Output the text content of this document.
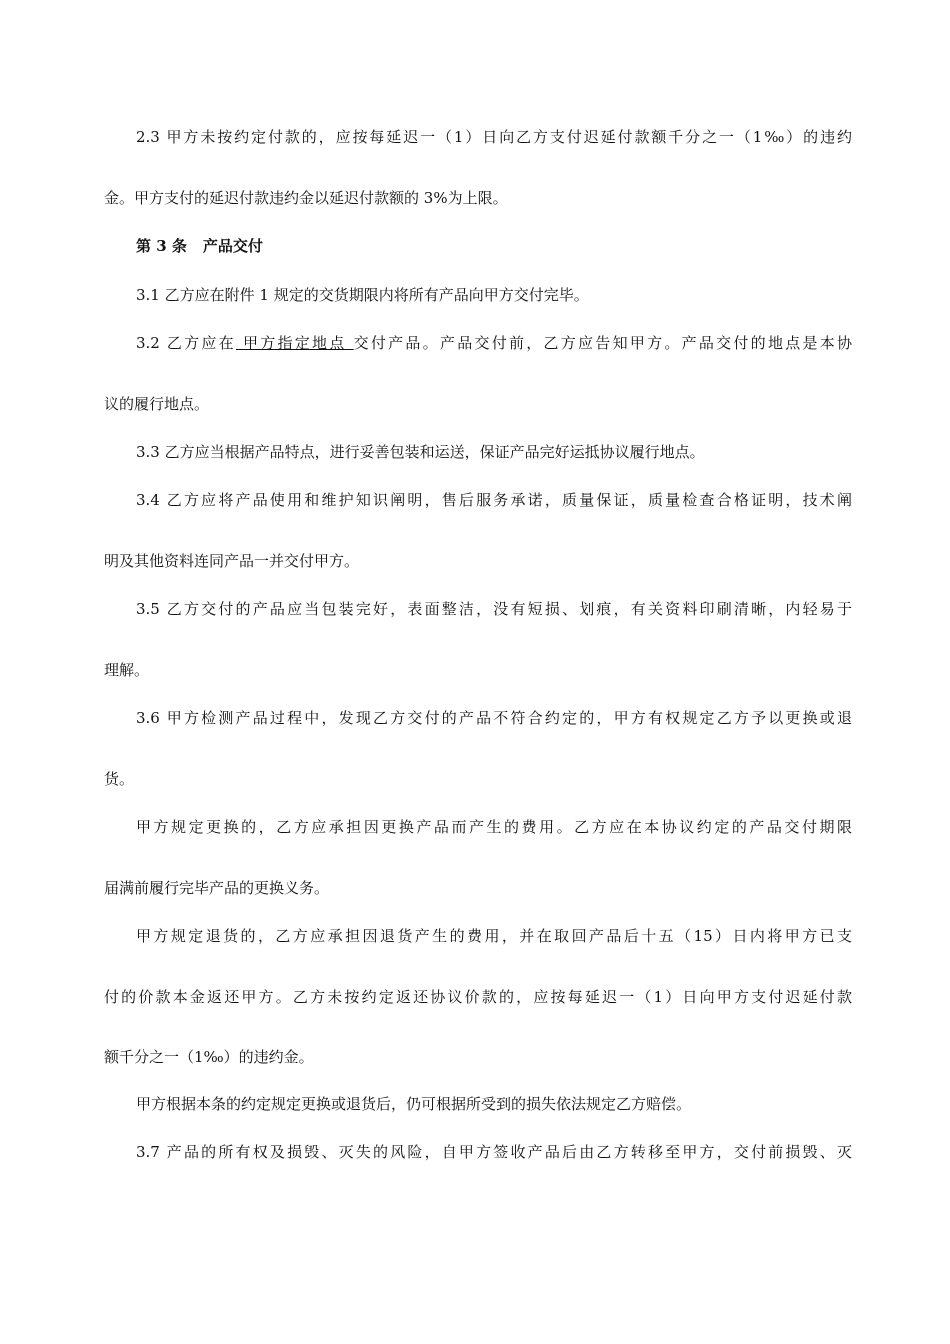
2.3 甲方未按约定付款的，应按每延迟一（1）日向乙方支付迟延付款额千分之一（1‰）的违约
金。甲方支付的延迟付款违约金以延迟付款额的 3%为上限。
第 3 条 产品交付
3.1 乙方应在附件 1 规定的交货期限内将所有产品向甲方交付完毕。
3.2 乙方应在 甲方指定地点 交付产品。产品交付前，乙方应告知甲方。产品交付的地点是本协
议的履行地点。
3.3 乙方应当根据产品特点，进行妥善包装和运送，保证产品完好运抵协议履行地点。
3.4 乙方应将产品使用和维护知识阐明，售后服务承诺，质量保证，质量检查合格证明，技术阐
明及其他资料连同产品一并交付甲方。
3.5 乙方交付的产品应当包装完好，表面整洁，没有短损、划痕，有关资料印刷清晰，内轻易于
理解。
3.6 甲方检测产品过程中，发现乙方交付的产品不符合约定的，甲方有权规定乙方予以更换或退
货。
甲方规定更换的，乙方应承担因更换产品而产生的费用。乙方应在本协议约定的产品交付期限
届满前履行完毕产品的更换义务。
甲方规定退货的，乙方应承担因退货产生的费用，并在取回产品后十五（15）日内将甲方已支
付的价款本金返还甲方。乙方未按约定返还协议价款的，应按每延迟一（1）日向甲方支付迟延付款
额千分之一（1‰）的违约金。
甲方根据本条的约定规定更换或退货后，仍可根据所受到的损失依法规定乙方赔偿。
3.7 产品的所有权及损毁、灭失的风险，自甲方签收产品后由乙方转移至甲方，交付前损毁、灭
